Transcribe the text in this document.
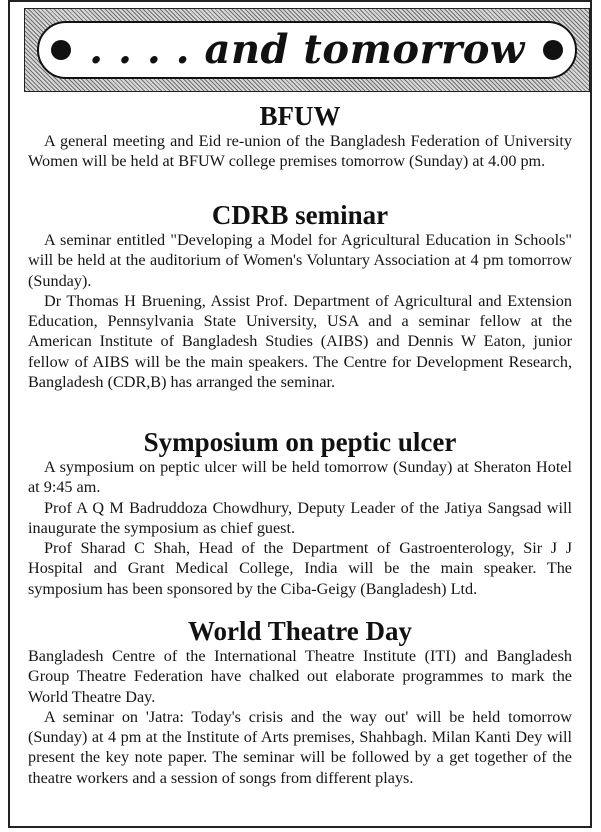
. . . . and tomorrow
BFUW

A general meeting and Eid re-union of the Bangladesh Federation of University Women will be held at BFUW college premises tomorrow (Sunday) at 4.00 pm.

CDRB seminar

A seminar entitled "Developing a Model for Agricultural Education in Schools" will be held at the auditorium of Women's Voluntary Association at 4 pm tomorrow (Sunday).

Dr Thomas H Bruening, Assist Prof. Department of Agricultural and Extension Education, Pennsylvania State University, USA and a seminar fellow at the American Institute of Bangladesh Studies (AIBS) and Dennis W Eaton, junior fellow of AIBS will be the main speakers. The Centre for Development Research, Bangladesh (CDR,B) has arranged the seminar.

Symposium on peptic ulcer

A symposium on peptic ulcer will be held tomorrow (Sunday) at Sheraton Hotel at 9:45 am.

Prof A Q M Badruddoza Chowdhury, Deputy Leader of the Jatiya Sangsad will inaugurate the symposium as chief guest.

Prof Sharad C Shah, Head of the Department of Gastroenterology, Sir J J Hospital and Grant Medical College, India will be the main speaker. The symposium has been sponsored by the Ciba-Geigy (Bangladesh) Ltd.

World Theatre Day

Bangladesh Centre of the International Theatre Institute (ITI) and Bangladesh Group Theatre Federation have chalked out elaborate programmes to mark the World Theatre Day.

A seminar on 'Jatra: Today's crisis and the way out' will be held tomorrow (Sunday) at 4 pm at the Institute of Arts premises, Shahbagh. Milan Kanti Dey will present the key note paper. The seminar will be followed by a get together of the theatre workers and a session of songs from different plays.
